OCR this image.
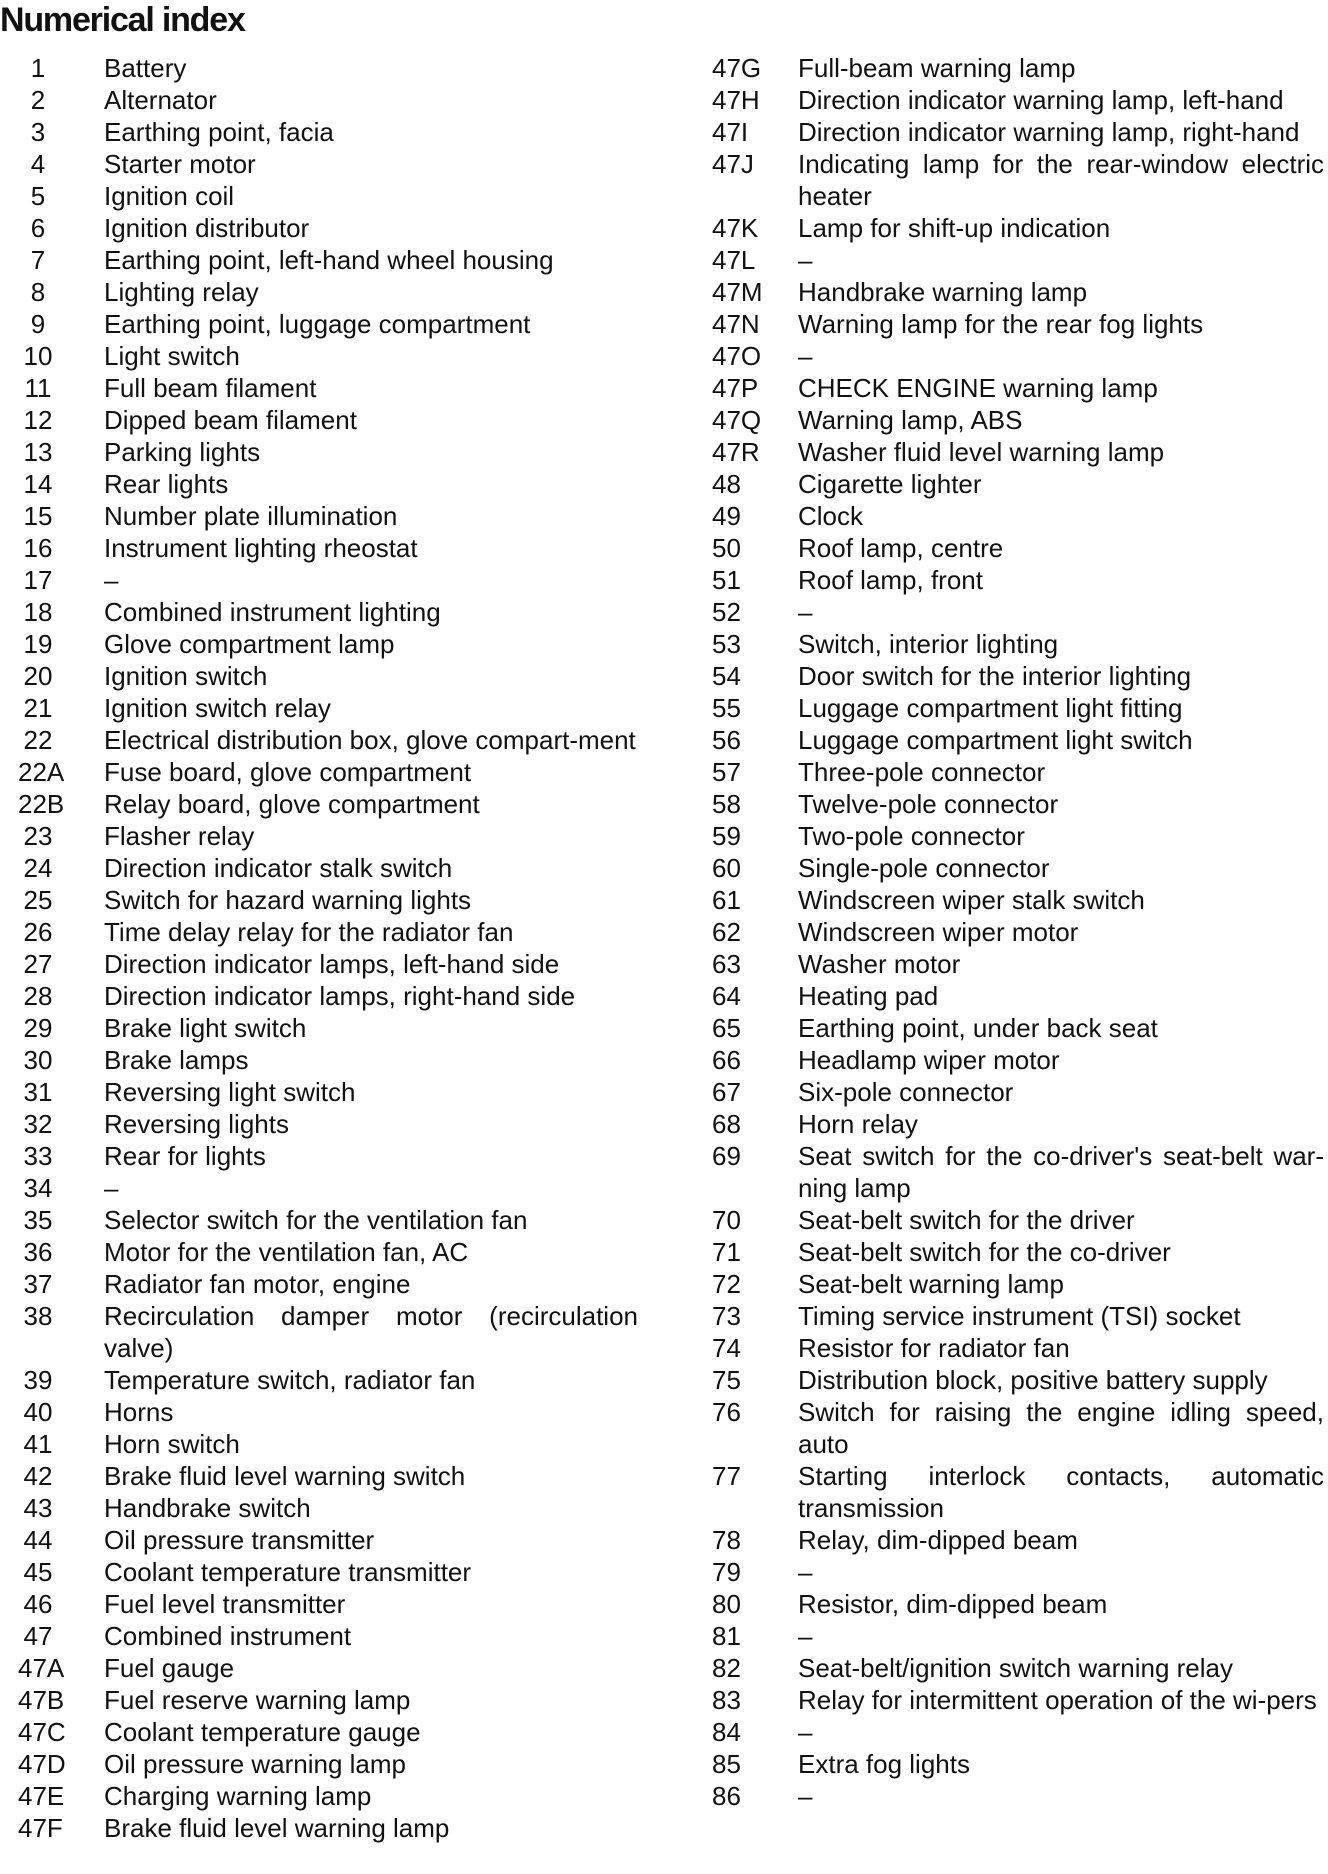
Numerical index
1	Battery
2	Alternator
3	Earthing point, facia
4	Starter motor
5	Ignition coil
6	Ignition distributor
7	Earthing point, left-hand wheel housing
8	Lighting relay
9	Earthing point, luggage compartment
10 Light switch
11 Full beam filament
12 Dipped beam filament
13 Parking lights
14 Rear lights
15 Number plate illumination
16 Instrument lighting rheostat
17 –
18 Combined instrument lighting
19 Glove compartment lamp
20 Ignition switch
21 Ignition switch relay
22 Electrical distribution box, glove compart-ment
22A Fuse board, glove compartment
22B Relay board, glove compartment
23 Flasher relay
24 Direction indicator stalk switch
25 Switch for hazard warning lights
26 Time delay relay for the radiator fan
27 Direction indicator lamps, left-hand side
28 Direction indicator lamps, right-hand side
29 Brake light switch
30 Brake lamps
31 Reversing light switch
32 Reversing lights
33 Rear for lights
34 –
35 Selector switch for the ventilation fan
36 Motor for the ventilation fan, AC
37 Radiator fan motor, engine
38 Recirculation damper motor (recirculation valve)
39 Temperature switch, radiator fan
40 Horns
41 Horn switch
42 Brake fluid level warning switch
43 Handbrake switch
44 Oil pressure transmitter
45 Coolant temperature transmitter
46 Fuel level transmitter
47 Combined instrument
47A Fuel gauge
47B Fuel reserve warning lamp
47C Coolant temperature gauge
47D Oil pressure warning lamp
47E Charging warning lamp
47F Brake fluid level warning lamp
47G	Full-beam warning lamp
47H	Direction indicator warning lamp, left-hand
47I	Direction indicator warning lamp, right-hand
47J	Indicating lamp for the rear-window electric heater
47K	Lamp for shift-up indication
47L	–
47M	Handbrake warning lamp
47N	Warning lamp for the rear fog lights
47O	–
47P	CHECK ENGINE warning lamp
47Q	Warning lamp, ABS
47R	Washer fluid level warning lamp
48	Cigarette lighter
49	Clock
50	Roof lamp, centre
51	Roof lamp, front
52	–
53	Switch, interior lighting
54	Door switch for the interior lighting
55	Luggage compartment light fitting
56	Luggage compartment light switch
57	Three-pole connector
58	Twelve-pole connector
59	Two-pole connector
60	Single-pole connector
61	Windscreen wiper stalk switch
62	Windscreen wiper motor
63	Washer motor
64	Heating pad
65	Earthing point, under back seat
66	Headlamp wiper motor
67	Six-pole connector
68	Horn relay
69	Seat switch for the co-driver's seat-belt war-ning lamp
70	Seat-belt switch for the driver
71	Seat-belt switch for the co-driver
72	Seat-belt warning lamp
73	Timing service instrument (TSI) socket
74	Resistor for radiator fan
75	Distribution block, positive battery supply
76	Switch for raising the engine idling speed, auto
77	Starting interlock contacts, automatic transmission
78	Relay, dim-dipped beam
79	–
80	Resistor, dim-dipped beam
81	–
82	Seat-belt/ignition switch warning relay
83	Relay for intermittent operation of the wi-pers
84	–
85	Extra fog lights
86	–
